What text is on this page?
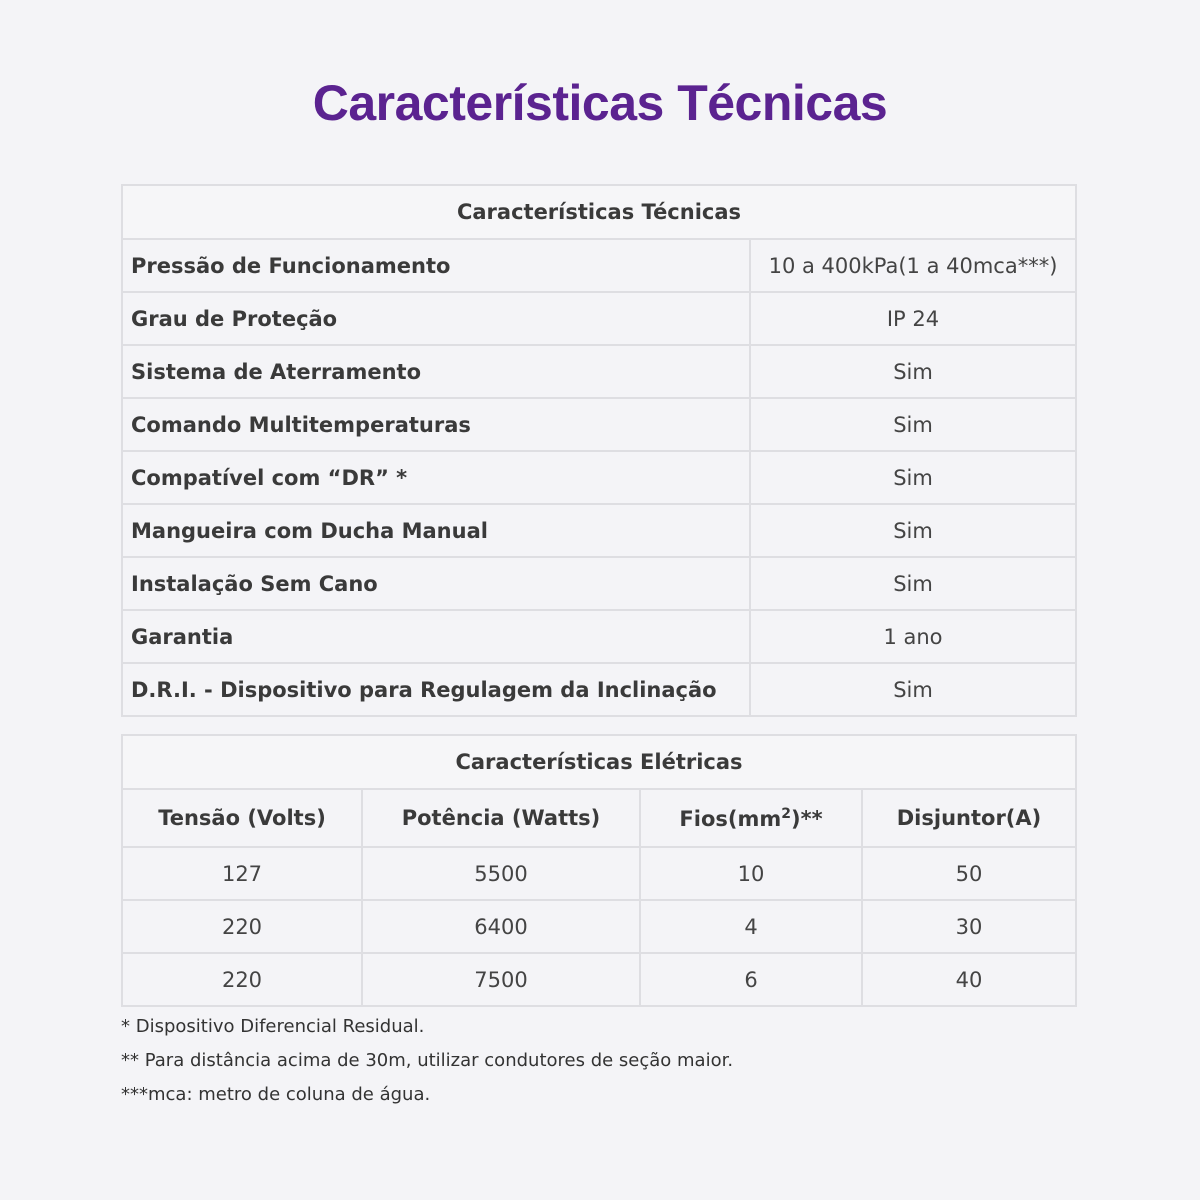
Características Técnicas
Características Técnicas	
Pressão de Funcionamento	10 a 400kPa(1 a 40mca***)
Grau de Proteção	IP 24
Sistema de Aterramento	Sim
Comando Multitemperaturas	Sim
Compatível com “DR” *	Sim
Mangueira com Ducha Manual	Sim
Instalação Sem Cano	Sim
Garantia	1 ano
D.R.I. - Dispositivo para Regulagem da Inclinação	Sim
Características Elétricas			
Tensão (Volts)	Potência (Watts)	$Fios(mm^2)**$	Disjuntor(A)
127	5500	10	50
220	6400	4	30
220	7500	6	40
* Dispositivo Diferencial Residual.
** Para distância acima de 30m, utilizar condutores de seção maior.
***mca: metro de coluna de água.
